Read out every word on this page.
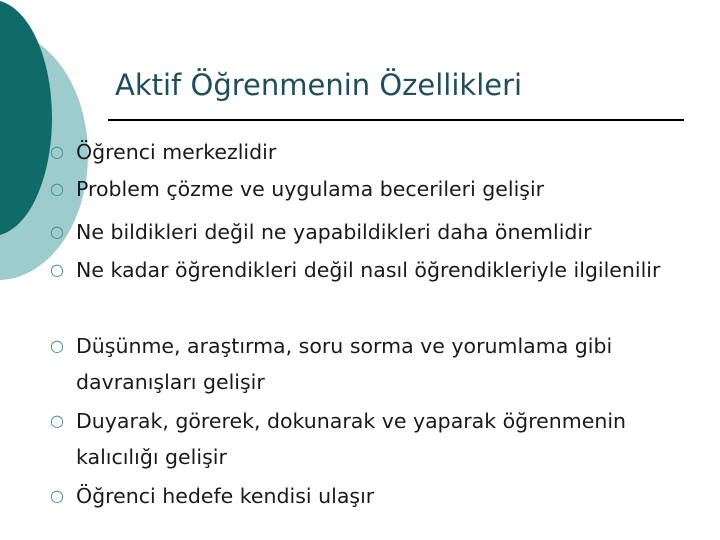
Aktif Öğrenmenin Özellikleri
○ Öğrenci merkezlidir
○ Problem çözme ve uygulama becerileri gelişir
○ Ne bildikleri değil ne yapabildikleri daha önemlidir
○ Ne kadar öğrendikleri değil nasıl öğrendikleriyle ilgilenilir
○ Düşünme, araştırma, soru sorma ve yorumlama gibi davranışları gelişir
○ Duyarak, görerek, dokunarak ve yaparak öğrenmenin kalıcılığı gelişir
○ Öğrenci hedefe kendisi ulaşır
